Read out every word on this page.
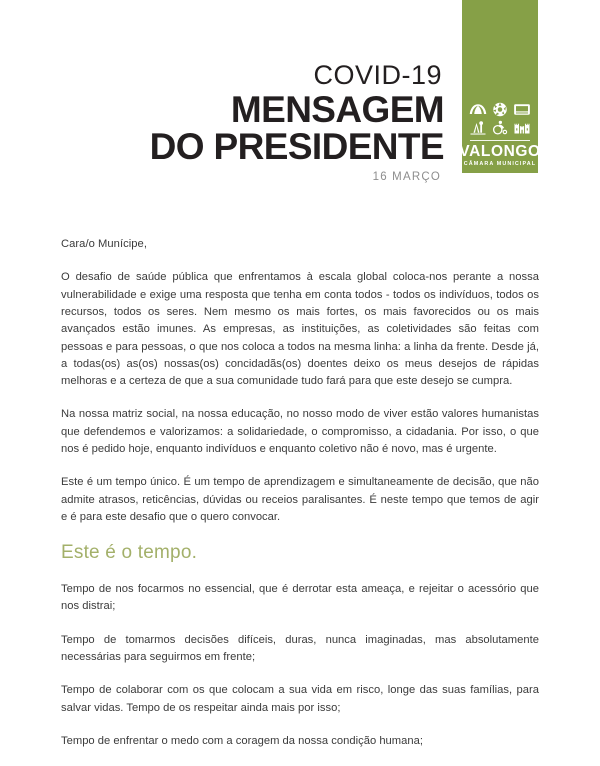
COVID-19
MENSAGEM
DO PRESIDENTE
16 MARÇO
VALONGO
CÂMARA MUNICIPAL
Cara/o Munícipe,

O desafio de saúde pública que enfrentamos à escala global coloca-nos perante a nossa vulnerabilidade e exige uma resposta que tenha em conta todos - todos os indivíduos, todos os recursos, todos os seres. Nem mesmo os mais fortes, os mais favorecidos ou os mais avançados estão imunes. As empresas, as instituições, as coletividades são feitas com pessoas e para pessoas, o que nos coloca a todos na mesma linha: a linha da frente. Desde já, a todas(os) as(os) nossas(os) concidadãs(os) doentes deixo os meus desejos de rápidas melhoras e a certeza de que a sua comunidade tudo fará para que este desejo se cumpra.

Na nossa matriz social, na nossa educação, no nosso modo de viver estão valores humanistas que defendemos e valorizamos: a solidariedade, o compromisso, a cidadania. Por isso, o que nos é pedido hoje, enquanto indivíduos e enquanto coletivo não é novo, mas é urgente.

Este é um tempo único. É um tempo de aprendizagem e simultaneamente de decisão, que não admite atrasos, reticências, dúvidas ou receios paralisantes. É neste tempo que temos de agir e é para este desafio que o quero convocar.

Este é o tempo.

Tempo de nos focarmos no essencial, que é derrotar esta ameaça, e rejeitar o acessório que nos distrai;

Tempo de tomarmos decisões difíceis, duras, nunca imaginadas, mas absolutamente necessárias para seguirmos em frente;

Tempo de colaborar com os que colocam a sua vida em risco, longe das suas famílias, para salvar vidas. Tempo de os respeitar ainda mais por isso;

Tempo de enfrentar o medo com a coragem da nossa condição humana;
